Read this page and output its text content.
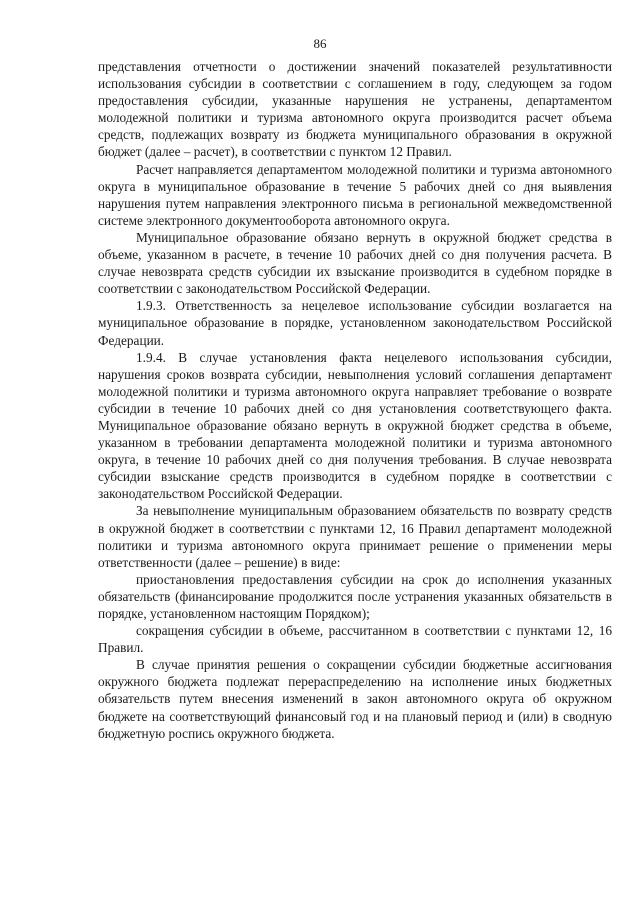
86

представления отчетности о достижении значений показателей результативности использования субсидии в соответствии с соглашением в году, следующем за годом предоставления субсидии, указанные нарушения не устранены, департаментом молодежной политики и туризма автономного округа производится расчет объема средств, подлежащих возврату из бюджета муниципального образования в окружной бюджет (далее – расчет), в соответствии с пунктом 12 Правил.

Расчет направляется департаментом молодежной политики и туризма автономного округа в муниципальное образование в течение 5 рабочих дней со дня выявления нарушения путем направления электронного письма в региональной межведомственной системе электронного документооборота автономного округа.

Муниципальное образование обязано вернуть в окружной бюджет средства в объеме, указанном в расчете, в течение 10 рабочих дней со дня получения расчета. В случае невозврата средств субсидии их взыскание производится в судебном порядке в соответствии с законодательством Российской Федерации.

1.9.3. Ответственность за нецелевое использование субсидии возлагается на муниципальное образование в порядке, установленном законодательством Российской Федерации.

1.9.4. В случае установления факта нецелевого использования субсидии, нарушения сроков возврата субсидии, невыполнения условий соглашения департамент молодежной политики и туризма автономного округа направляет требование о возврате субсидии в течение 10 рабочих дней со дня установления соответствующего факта. Муниципальное образование обязано вернуть в окружной бюджет средства в объеме, указанном в требовании департамента молодежной политики и туризма автономного округа, в течение 10 рабочих дней со дня получения требования. В случае невозврата субсидии взыскание средств производится в судебном порядке в соответствии с законодательством Российской Федерации.

За невыполнение муниципальным образованием обязательств по возврату средств в окружной бюджет в соответствии с пунктами 12, 16 Правил департамент молодежной политики и туризма автономного округа принимает решение о применении меры ответственности (далее – решение) в виде:

приостановления предоставления субсидии на срок до исполнения указанных обязательств (финансирование продолжится после устранения указанных обязательств в порядке, установленном настоящим Порядком);

сокращения субсидии в объеме, рассчитанном в соответствии с пунктами 12, 16 Правил.

В случае принятия решения о сокращении субсидии бюджетные ассигнования окружного бюджета подлежат перераспределению на исполнение иных бюджетных обязательств путем внесения изменений в закон автономного округа об окружном бюджете на соответствующий финансовый год и на плановый период и (или) в сводную бюджетную роспись окружного бюджета.
